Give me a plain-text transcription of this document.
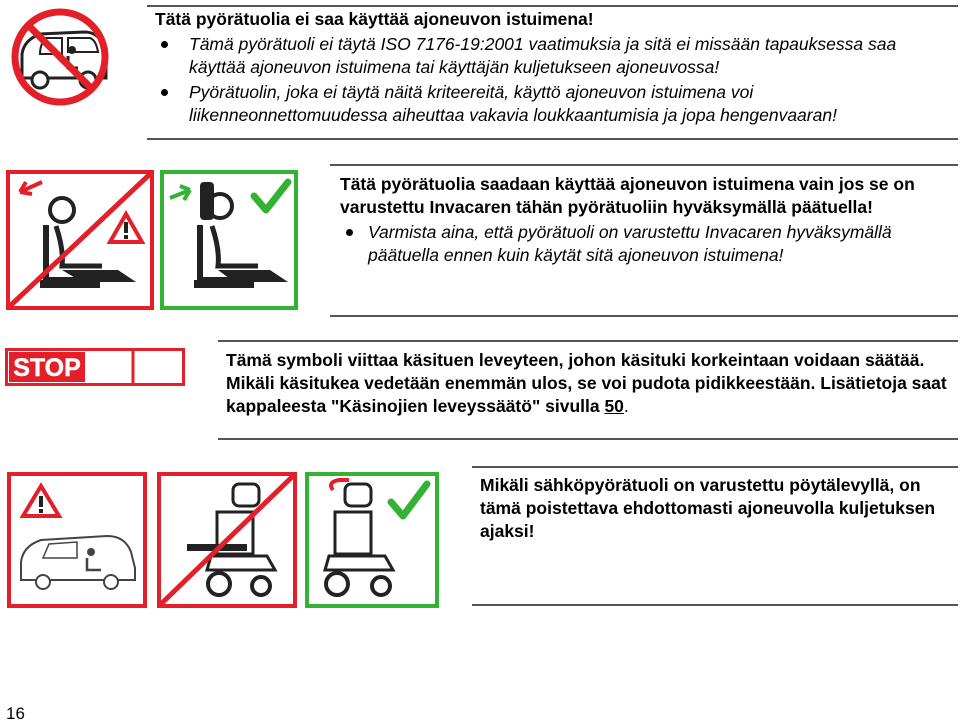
Tätä pyörätuolia ei saa käyttää ajoneuvon istuimena!
Tämä pyörätuoli ei täytä ISO 7176-19:2001 vaatimuksia ja sitä ei missään tapauksessa saa käyttää ajoneuvon istuimena tai käyttäjän kuljetukseen ajoneuvossa!
Pyörätuolin, joka ei täytä näitä kriteereitä, käyttö ajoneuvon istuimena voi liikenneonnettomuudessa aiheuttaa vakavia loukkaantumisia ja jopa hengenvaaran!
Tätä pyörätuolia saadaan käyttää ajoneuvon istuimena vain jos se on varustettu Invacaren tähän pyörätuoliin hyväksymällä päätuella!
Varmista aina, että pyörätuoli on varustettu Invacaren hyväksymällä päätuella ennen kuin käytät sitä ajoneuvon istuimena!
STOP	Tämä symboli viittaa käsituen leveyteen, johon käsituki korkeintaan voidaan säätää. Mikäli käsitukea vedetään enemmän ulos, se voi pudota pidikkeestään. Lisätietoja saat kappaleesta "Käsinojien leveyssäätö" sivulla 50.
Mikäli sähköpyörätuoli on varustettu pöytälevyllä, on tämä poistettava ehdottomasti ajoneuvolla kuljetuksen ajaksi!
16
